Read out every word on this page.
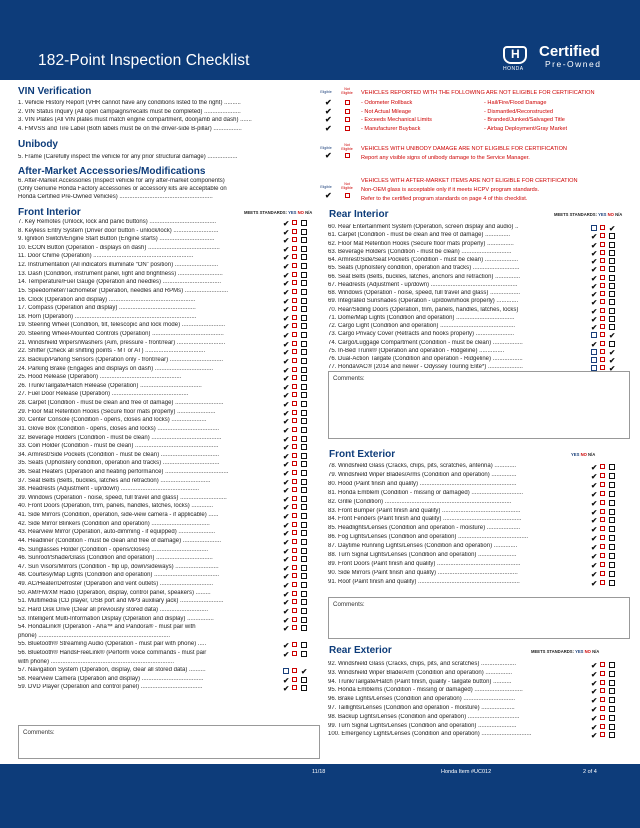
182-Point Inspection Checklist
H	HONDA
Certified
Pre-Owned
VIN Verification	Eligible
Not
Eligible
1. Vehicle History Report (VHR cannot have any conditions listed to the right) ..........	✔
2. VIN Status Inquiry (All open campaigns/recalls must be completed) ......................	✔
3. VIN Plates (All VIN plates must match engine compartment, doorjamb and dash) .......	✔
4. FMVSS and Tire Label (Both labels must be on the driver-side B-pillar) .................	✔
VEHICLES REPORTED WITH THE FOLLOWING ARE NOT ELIGIBLE FOR CERTIFICATION
- Odometer Rollback
- Not Actual Mileage
- Exceeds Mechanical Limits
- Manufacturer Buyback
- Hail/Fire/Flood Damage
- Dismantled/Reconstructed
- Branded/Junked/Salvaged Title
- Airbag Deployment/Gray Market
Unibody
5. Frame (Carefully inspect the vehicle for any prior structural damage) ..................
Eligible
Not
Eligible
✔
VEHICLES WITH UNIBODY DAMAGE ARE NOT ELIGIBLE FOR CERTIFICATION
Report any visible signs of unibody damage to the Service Manager.
After-Market Accessories/Modifications
6. After-Market Accessories (Inspect vehicle for any after-market components)
(Only Genuine Honda Factory accessories or accessory kits are acceptable on
Honda Certified Pre-Owned Vehicles) ........................................................
Eligible
Not
Eligible
✔
VEHICLES WITH AFTER-MARKET ITEMS ARE NOT ELIGIBLE FOR CERTIFICATION
Non-OEM glass is acceptable only if it meets HCPV program standards.
Refer to the certified program standards on page 4 of this checklist.
Front Interior	MEETS STANDARDS: YES NO N/A
7. Key Remotes (Unlock, lock and panic buttons) ........................................	✔
8. Keyless Entry System (Driver door button - unlock/lock) ...........................	✔
9. Ignition Switch/Engine Start Button (Engine starts) .................................	✔
10. ECON Button (Operation - displays on dash) ...........................................	✔
11. Door Chime (Operation) ............................................................	✔
12. Instrumentation (All indicators illuminate “ON” position) ..........................	✔
13. Dash (Condition, instrument panel, light and brightness) ...........................	✔
14. Temperature/Fuel Gauge (Operation and needles) ...................................	✔
15. Speedometer/Tachometer (Operation, needles and RPMs) ..........................	✔
16. Clock (Operation and display) ....................................................	✔
17. Compass (Operation and display) ..............................................	✔
18. Horn (Operation) .........................................................................	✔
19. Steering Wheel (Condition, tilt, telescopic and lock mode) ..........................	✔
20. Steering Wheel-Mounted Controls (Operation) ...........................................	✔
21. Windshield Wipers/Washers (Aim, pressure - front/rear) .............................	✔
22. Shifter (Check all shifting points - MT or AT) ....................................	✔
23. Backup/Parking Sensors (Operation only - front/rear) ................................	✔
24. Parking Brake (Engages and displays on dash) ...................................	✔
25. Hood Release (Operation) .................................................	✔
26. Trunk/Tailgate/Hatch Release (Operation) .....................................	✔
27. Fuel Door Release (Operation) ..............................................	✔
28. Carpet (Condition - must be clean and free of damage) .............................	✔
29. Floor Mat Retention Hooks (Secure floor mats properly) .......................	✔
30. Center Console (Condition - opens, closes and locks) .....................	✔
31. Glove Box (Condition - opens, closes and locks) .....................................	✔
32. Beverage Holders (Condition - must be clean) ..........................................	✔
33. Coin Holder (Condition - must be clean) ..................................................	✔
34. Armrest/Side Pockets (Condition - must be clean) ...................................	✔
35. Seats (Upholstery condition, operation and tracks) ..................................	✔
36. Seat Heaters (Operation and heating performance) ......................................	✔
37. Seat Belts (Belts, buckles, latches and retraction) ..............................	✔
38. Headrests (Adjustment - up/down) ...............................................	✔
39. Windows (Operation - noise, speed, full travel and glass) ............................	✔
40. Front Doors (Operation, trim, panels, handles, latches, locks) .............	✔
41. Side Mirrors (Condition, operation, side-view camera - if applicable) ......	✔
42. Side Mirror Blinkers (Condition and operation) ...................................	✔
43. Rearview Mirror (Operation, auto-dimming - if equipped) ......................	✔
44. Headliner (Condition - must be clean and free of damage) .......................	✔
45. Sunglasses Holder (Condition - opens/closes) ..................................	✔
46. Sunroof/Shade/Glass (Condition and operation) ..................................	✔
47. Sun Visors/Mirrors (Condition - flip up, down/sideways) ..........................	✔
48. Courtesy/Map Lights (Condition and operation) .......................................	✔
49. AC/Heater/Defroster (Operation and vent outlets) ................................	✔
50. AM/FM/XM Radio (Operation, display, control panel, speakers) .........	✔
51. Multimedia (CD player, USB port and MP3 auxiliary jack) ..........................	✔
52. Hard Disk Drive (Clear all previously stored data) .............................	✔
53. Intelligent Multi-Information Display (Operation and display) ................	✔
54. HondaLink® (Operation - Aha™ and Pandora® - must pair with	✔
phone) ...............................................................................
55. Bluetooth® Streaming Audio (Operation - must pair with phone) .....	✔
56. Bluetooth® HandsFreeLink® (Perform voice commands - must pair	✔
with phone) ..........................................................................
57. Navigation System (Operation, display, clear all stored data) ..........	✔
58. Rearview Camera (Operation and display) .....................................	✔
59. DVD Player (Operation and control panel) .....................................	✔
Comments:
Rear Interior	MEETS STANDARDS: YES NO N/A
60. Rear Entertainment System (Operation, screen display and audio) ..	✔
61. Carpet (Condition - must be clean and free of damage) ...............	✔
62. Floor Mat Retention Hooks (Secure floor mats properly) ................	✔
63. Beverage Holders (Condition - must be clean) ..............................	✔
64. Armrest/Side/Seat Pockets (Condition - must be clean) ....................	✔
65. Seats (Upholstery condition, operation and tracks) ............................	✔
66. Seat Belts (Belts, buckles, latches, anchors and retraction) ...............	✔
67. Headrests (Adjustment - up/down) ....................................................	✔
68. Windows (Operation - noise, speed, full travel and glass) ..................	✔
69. Integrated Sunshades (Operation - up/down/hook properly) .............	✔
70. Rear/Sliding Doors (Operation, trim, panels, handles, latches, locks)	✔
71. Dome/Map Lights (Condition and operation) ...................................	✔
72. Cargo Light (Condition and operation) .............................................	✔
73. Cargo Privacy Cover (Retracts and hooks properly) .......................	✔
74. Cargo/Luggage Compartment (Condition - must be clean) ..................	✔
75. In-Bed Trunk® (Operation and operation - Ridgeline) ...............	✔
76. Dual-Action Tailgate (Condition and operation - Ridgeline) ..................	✔
77. HondaVAC® (2014 and newer - Odyssey Touring Elite*) .....................	✔
Comments:
Front Exterior	YES NO N/A
78. Windshield Glass (Cracks, chips, pits, scratches, antenna) .............	✔
79. Windshield Wiper Blades/Arms (Condition and operation) ...............	✔
80. Hood (Paint finish and quality) ..........................................................	✔
81. Honda Emblem (Condition - missing or damaged) ...............................	✔
82. Grille (Condition) ............................................................................	✔
83. Front Bumper (Paint finish and quality) ...............................................	✔
84. Front Fenders (Paint finish and quality) ...............................................	✔
85. Headlights/Lenses (Condition and operation - moisture) ....................	✔
86. Fog Lights/Lenses (Condition and operation) ..........................................	✔
87. Daytime Running Lights/Lenses (Condition and operation) ..............	✔
88. Turn Signal Lights/Lenses (Condition and operation) .......................	✔
89. Front Doors (Paint finish and quality) ..................................................	✔
90. Side Mirrors (Paint finish and quality) ................................................	✔
91. Roof (Paint finish and quality) .............................................................	✔
Comments:
Rear Exterior	MEETS STANDARDS: YES NO N/A
92. Windshield Glass (Cracks, chips, pits, and scratches) .....................	✔
93. Windshield Wiper Blade/Arm (Condition and operation) ................	✔
94. Trunk/Tailgate/Hatch (Paint finish, quality - tailgate button) ...........	✔
95. Honda Emblems (Condition - missing or damaged) .............................	✔
96. Brake Lights/Lenses (Condition and operation) ...............................	✔
97. Taillights/Lenses (Condition and operation - moisture) ....................	✔
98. Backup Lights/Lenses (Condition and operation) ...............................	✔
99. Turn Signal Lights/Lenses (Condition and operation) .......................	✔
100. Emergency Lights/Lenses (Condition and operation) ..............................	✔
11/18	Honda Item #UC012	2 of 4
